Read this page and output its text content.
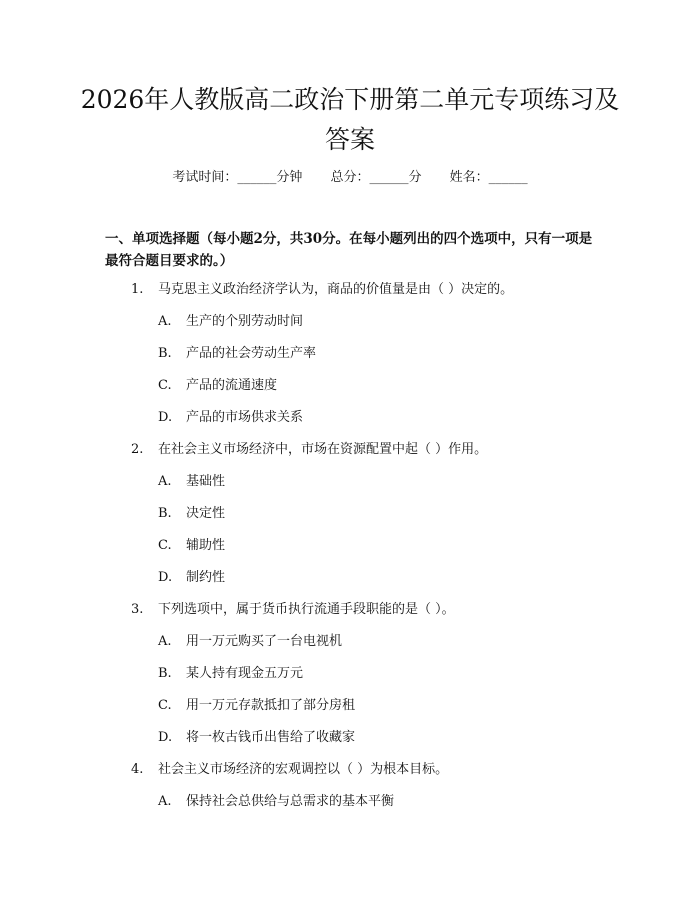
2026年人教版高二政治下册第二单元专项练习及答案
考试时间：______分钟 总分：______分 姓名：______

一、单项选择题（每小题2分，共30分。在每小题列出的四个选项中，只有一项是最符合题目要求的。）

1. 马克思主义政治经济学认为，商品的价值量是由（ ）决定的。
A. 生产的个别劳动时间
B. 产品的社会劳动生产率
C. 产品的流通速度
D. 产品的市场供求关系
2. 在社会主义市场经济中，市场在资源配置中起（ ）作用。
A. 基础性
B. 决定性
C. 辅助性
D. 制约性
3. 下列选项中，属于货币执行流通手段职能的是（ ）。
A. 用一万元购买了一台电视机
B. 某人持有现金五万元
C. 用一万元存款抵扣了部分房租
D. 将一枚古钱币出售给了收藏家
4. 社会主义市场经济的宏观调控以（ ）为根本目标。
A. 保持社会总供给与总需求的基本平衡
